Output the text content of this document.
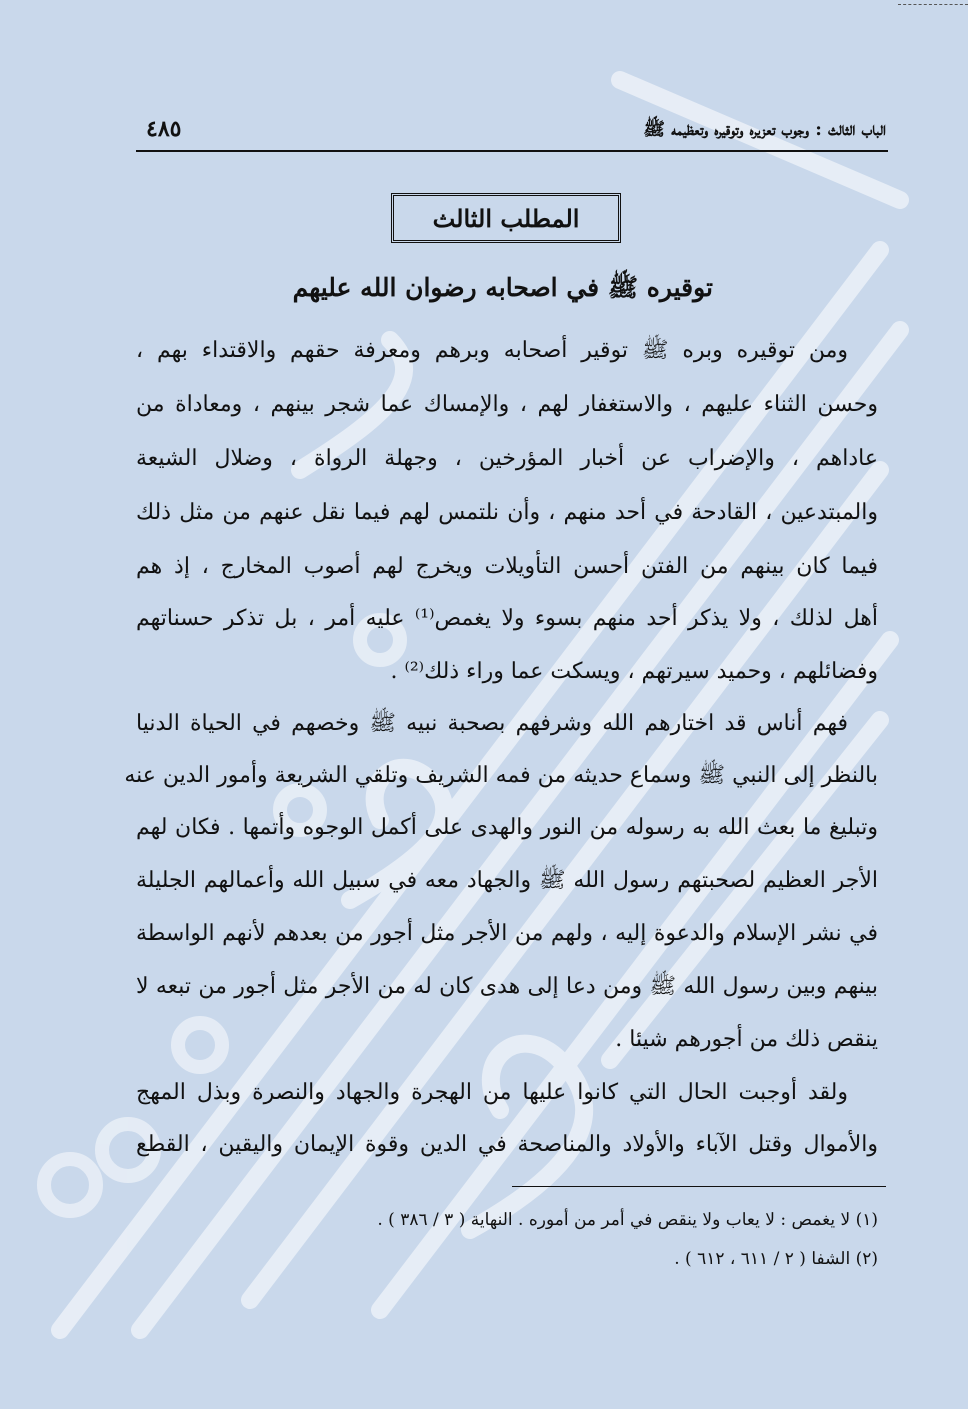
٤٨٥	الباب الثالث : وجوب تعزيره وتوقيره وتعظيمه ﷺ
المطلب الثالث
توقيره ﷺ في اصحابه رضوان الله عليهم
ومن توقيره وبره ﷺ توقير أصحابه وبرهم ومعرفة حقهم والاقتداء بهم ،
وحسن الثناء عليهم ، والاستغفار لهم ، والإمساك عما شجر بينهم ، ومعاداة من
عاداهم ، والإضراب عن أخبار المؤرخين ، وجهلة الرواة ، وضلال الشيعة
والمبتدعين ، القادحة في أحد منهم ، وأن نلتمس لهم فيما نقل عنهم من مثل ذلك
فيما كان بينهم من الفتن أحسن التأويلات ويخرج لهم أصوب المخارج ، إذ هم
أهل لذلك ، ولا يذكر أحد منهم بسوء ولا يغمص⁽¹⁾ عليه أمر ، بل تذكر حسناتهم
وفضائلهم ، وحميد سيرتهم ، ويسكت عما وراء ذلك⁽²⁾ .
فهم أناس قد اختارهم الله وشرفهم بصحبة نبيه ﷺ وخصهم في الحياة الدنيا
بالنظر إلى النبي ﷺ وسماع حديثه من فمه الشريف وتلقي الشريعة وأمور الدين عنه
وتبليغ ما بعث الله به رسوله من النور والهدى على أكمل الوجوه وأتمها . فكان لهم
الأجر العظيم لصحبتهم رسول الله ﷺ والجهاد معه في سبيل الله وأعمالهم الجليلة
في نشر الإسلام والدعوة إليه ، ولهم من الأجر مثل أجور من بعدهم لأنهم الواسطة
بينهم وبين رسول الله ﷺ ومن دعا إلى هدى كان له من الأجر مثل أجور من تبعه لا
ينقص ذلك من أجورهم شيئا .
ولقد أوجبت الحال التي كانوا عليها من الهجرة والجهاد والنصرة وبذل المهج
والأموال وقتل الآباء والأولاد والمناصحة في الدين وقوة الإيمان واليقين ، القطع
(١) لا يغمص : لا يعاب ولا ينقص في أمر من أموره . النهاية ( ٣ / ٣٨٦ ) .
(٢) الشفا ( ٢ / ٦١١ ، ٦١٢ ) .
